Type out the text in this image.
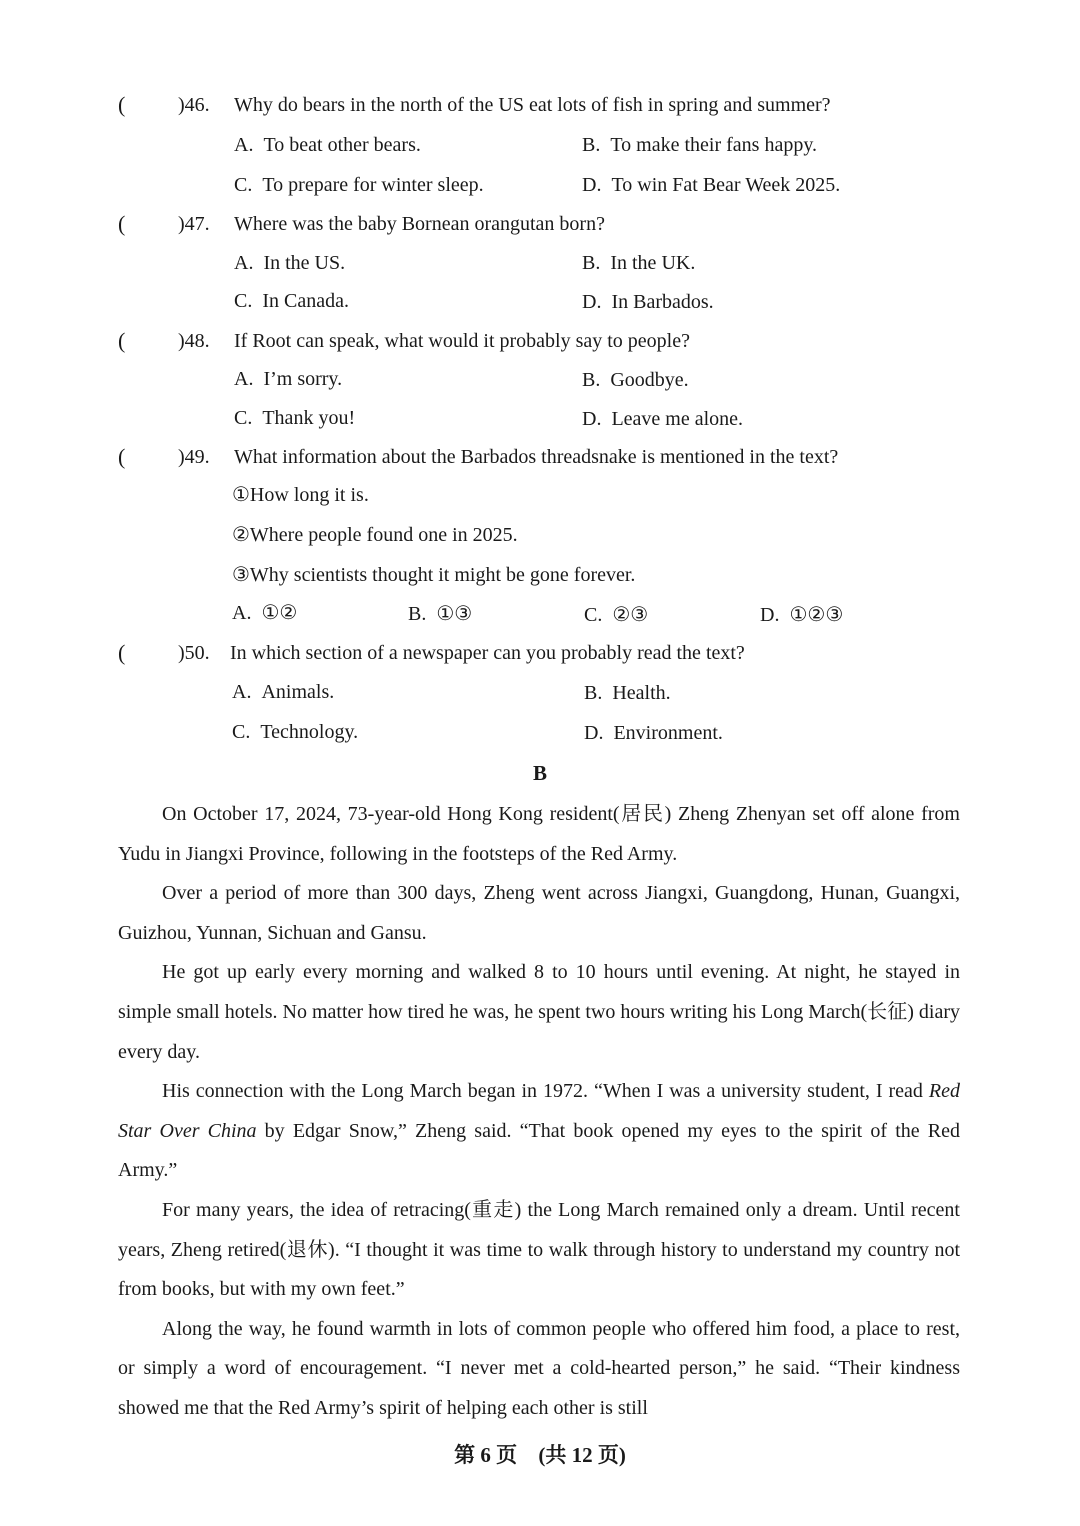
(	)46. Why do bears in the north of the US eat lots of fish in spring and summer?
A. To beat other bears.	B. To make their fans happy.
C. To prepare for winter sleep.	D. To win Fat Bear Week 2025.
(	)47. Where was the baby Bornean orangutan born?
A. In the US.	B. In the UK.
C. In Canada.	D. In Barbados.
(	)48. If Root can speak, what would it probably say to people?
A. I’m sorry.	B. Goodbye.
C. Thank you!	D. Leave me alone.
(	)49. What information about the Barbados threadsnake is mentioned in the text?
①How long it is.
②Where people found one in 2025.
③Why scientists thought it might be gone forever.
A. ①②	B. ①③	C. ②③	D. ①②③
(	)50. In which section of a newspaper can you probably read the text?
A. Animals.	B. Health.
C. Technology.	D. Environment.
B

On October 17, 2024, 73-year-old Hong Kong resident(居民) Zheng Zhenyan set off alone from Yudu in Jiangxi Province, following in the footsteps of the Red Army.

Over a period of more than 300 days, Zheng went across Jiangxi, Guangdong, Hunan, Guangxi, Guizhou, Yunnan, Sichuan and Gansu.

He got up early every morning and walked 8 to 10 hours until evening. At night, he stayed in simple small hotels. No matter how tired he was, he spent two hours writing his Long March(长征) diary every day.

His connection with the Long March began in 1972. “When I was a university student, I read Red Star Over China by Edgar Snow,” Zheng said. “That book opened my eyes to the spirit of the Red Army.”

For many years, the idea of retracing(重走) the Long March remained only a dream. Until recent years, Zheng retired(退休). “I thought it was time to walk through history to understand my country not from books, but with my own feet.”

Along the way, he found warmth in lots of common people who offered him food, a place to rest, or simply a word of encouragement. “I never met a cold-hearted person,” he said. “Their kindness showed me that the Red Army’s spirit of helping each other is still

第 6 页 (共 12 页)
